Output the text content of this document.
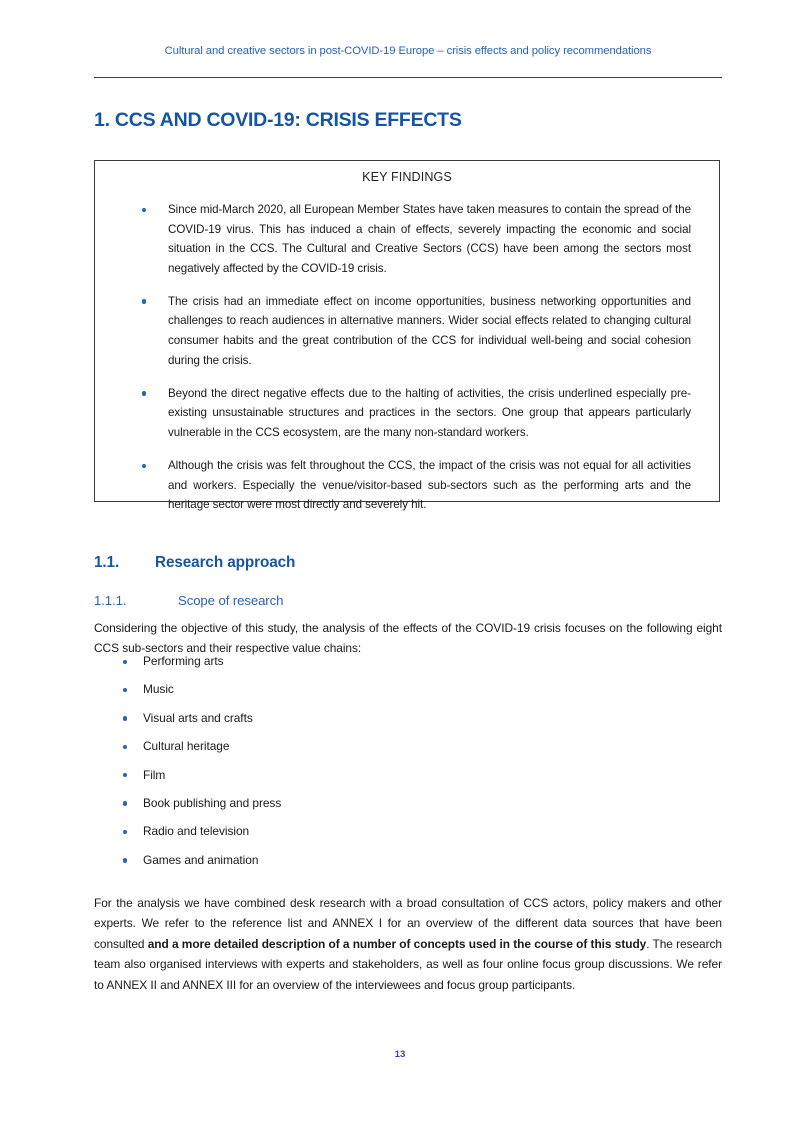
Cultural and creative sectors in post-COVID-19 Europe – crisis effects and policy recommendations
1. CCS AND COVID-19: CRISIS EFFECTS
KEY FINDINGS
Since mid-March 2020, all European Member States have taken measures to contain the spread of the COVID-19 virus. This has induced a chain of effects, severely impacting the economic and social situation in the CCS. The Cultural and Creative Sectors (CCS) have been among the sectors most negatively affected by the COVID-19 crisis.
The crisis had an immediate effect on income opportunities, business networking opportunities and challenges to reach audiences in alternative manners. Wider social effects related to changing cultural consumer habits and the great contribution of the CCS for individual well-being and social cohesion during the crisis.
Beyond the direct negative effects due to the halting of activities, the crisis underlined especially pre-existing unsustainable structures and practices in the sectors. One group that appears particularly vulnerable in the CCS ecosystem, are the many non-standard workers.
Although the crisis was felt throughout the CCS, the impact of the crisis was not equal for all activities and workers. Especially the venue/visitor-based sub-sectors such as the performing arts and the heritage sector were most directly and severely hit.
1.1. Research approach
1.1.1.	Scope of research

Considering the objective of this study, the analysis of the effects of the COVID-19 crisis focuses on the following eight CCS sub-sectors and their respective value chains:

Performing arts
Music
Visual arts and crafts
Cultural heritage
Film
Book publishing and press
Radio and television
Games and animation

For the analysis we have combined desk research with a broad consultation of CCS actors, policy makers and other experts. We refer to the reference list and ANNEX I for an overview of the different data sources that have been consulted and a more detailed description of a number of concepts used in the course of this study. The research team also organised interviews with experts and stakeholders, as well as four online focus group discussions. We refer to ANNEX II and ANNEX III for an overview of the interviewees and focus group participants.

13
